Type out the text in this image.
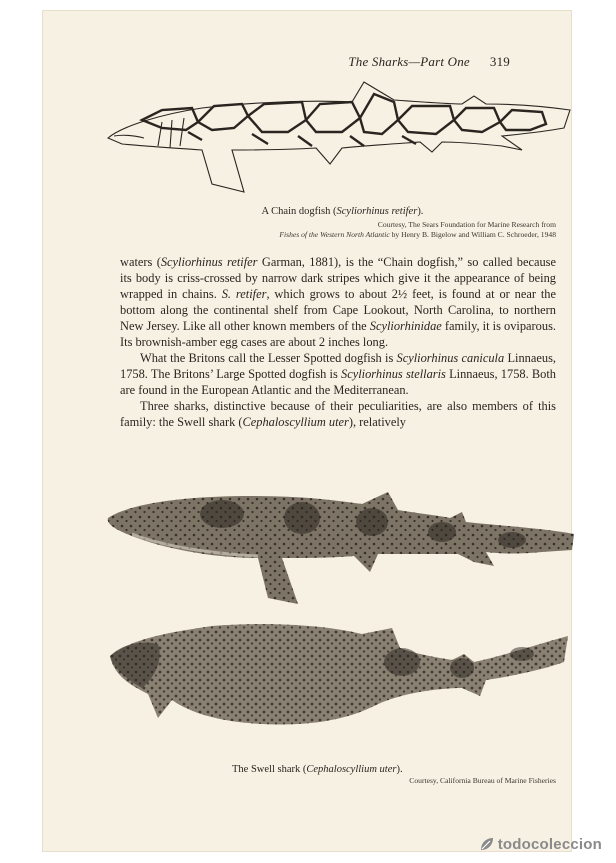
The Sharks—Part One 319
A Chain dogfish (Scyliorhinus retifer).
Courtesy, The Sears Foundation for Marine Research from
Fishes of the Western North Atlantic by Henry B. Bigelow and William C. Schroeder, 1948

waters (Scyliorhinus retifer Garman, 1881), is the “Chain dogfish,” so called because its body is criss-crossed by narrow dark stripes which give it the appearance of being wrapped in chains. S. retifer, which grows to about 2½ feet, is found at or near the bottom along the continental shelf from Cape Lookout, North Carolina, to northern New Jersey. Like all other known members of the Scyliorhinidae family, it is oviparous. Its brownish-amber egg cases are about 2 inches long.

What the Britons call the Lesser Spotted dogfish is Scyliorhinus canicula Linnaeus, 1758. The Britons’ Large Spotted dogfish is Scyliorhinus stellaris Linnaeus, 1758. Both are found in the European Atlantic and the Mediterranean.

Three sharks, distinctive because of their peculiarities, are also members of this family: the Swell shark (Cephaloscyllium uter), relatively

The Swell shark (Cephaloscyllium uter).
Courtesy, California Bureau of Marine Fisheries
todocoleccion
